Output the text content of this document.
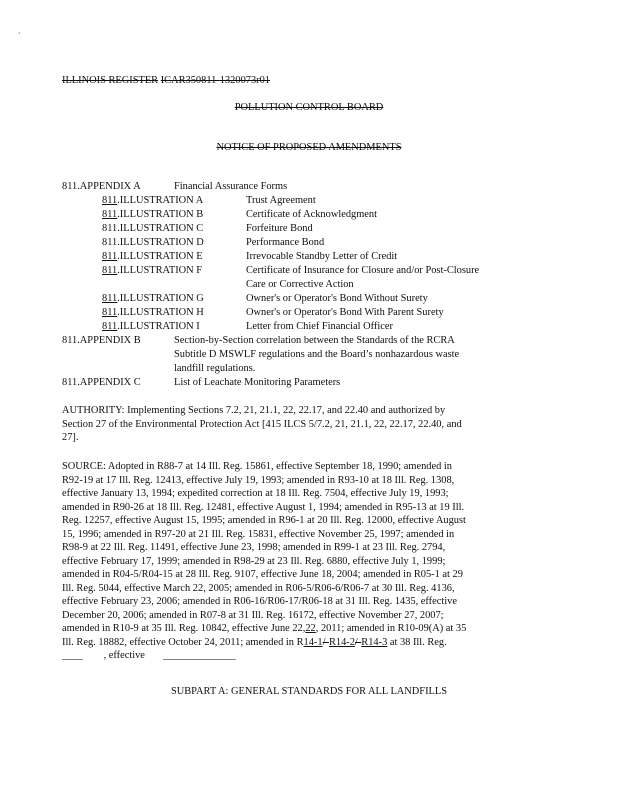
`
ILLINOIS REGISTER ICAR350811-1320073r01
POLLUTION CONTROL BOARD
NOTICE OF PROPOSED AMENDMENTS
811.APPENDIX A	Financial Assurance Forms
811.ILLUSTRATION A	Trust Agreement
811.ILLUSTRATION B	Certificate of Acknowledgment
811.ILLUSTRATION C	Forfeiture Bond
811.ILLUSTRATION D	Performance Bond
811.ILLUSTRATION E	Irrevocable Standby Letter of Credit
811.ILLUSTRATION F	Certificate of Insurance for Closure and/or Post-Closure
Care or Corrective Action
811.ILLUSTRATION G	Owner's or Operator's Bond Without Surety
811.ILLUSTRATION H	Owner's or Operator's Bond With Parent Surety
811.ILLUSTRATION I	Letter from Chief Financial Officer
811.APPENDIX B	Section-by-Section correlation between the Standards of the RCRA
Subtitle D MSWLF regulations and the Board’s nonhazardous waste
landfill regulations.
811.APPENDIX C	List of Leachate Monitoring Parameters
AUTHORITY: Implementing Sections 7.2, 21, 21.1, 22, 22.17, and 22.40 and authorized by
Section 27 of the Environmental Protection Act [415 ILCS 5/7.2, 21, 21.1, 22, 22.17, 22.40, and
27].
SOURCE: Adopted in R88-7 at 14 Ill. Reg. 15861, effective September 18, 1990; amended in
R92-19 at 17 Ill. Reg. 12413, effective July 19, 1993; amended in R93-10 at 18 Ill. Reg. 1308,
effective January 13, 1994; expedited correction at 18 Ill. Reg. 7504, effective July 19, 1993;
amended in R90-26 at 18 Ill. Reg. 12481, effective August 1, 1994; amended in R95-13 at 19 Ill.
Reg. 12257, effective August 15, 1995; amended in R96-1 at 20 Ill. Reg. 12000, effective August
15, 1996; amended in R97-20 at 21 Ill. Reg. 15831, effective November 25, 1997; amended in
R98-9 at 22 Ill. Reg. 11491, effective June 23, 1998; amended in R99-1 at 23 Ill. Reg. 2794,
effective February 17, 1999; amended in R98-29 at 23 Ill. Reg. 6880, effective July 1, 1999;
amended in R04-5/R04-15 at 28 Ill. Reg. 9107, effective June 18, 2004; amended in R05-1 at 29
Ill. Reg. 5044, effective March 22, 2005; amended in R06-5/R06-6/R06-7 at 30 Ill. Reg. 4136,
effective February 23, 2006; amended in R06-16/R06-17/R06-18 at 31 Ill. Reg. 1435, effective
December 20, 2006; amended in R07-8 at 31 Ill. Reg. 16172, effective November 27, 2007;
amended in R10-9 at 35 Ill. Reg. 10842, effective June 22,22, 2011; amended in R10-09(A) at 35
Ill. Reg. 18882, effective October 24, 2011; amended in R14-1/-R14-2/-R14-3 at 38 Ill. Reg.
____ , effective ______________
SUBPART A: GENERAL STANDARDS FOR ALL LANDFILLS
